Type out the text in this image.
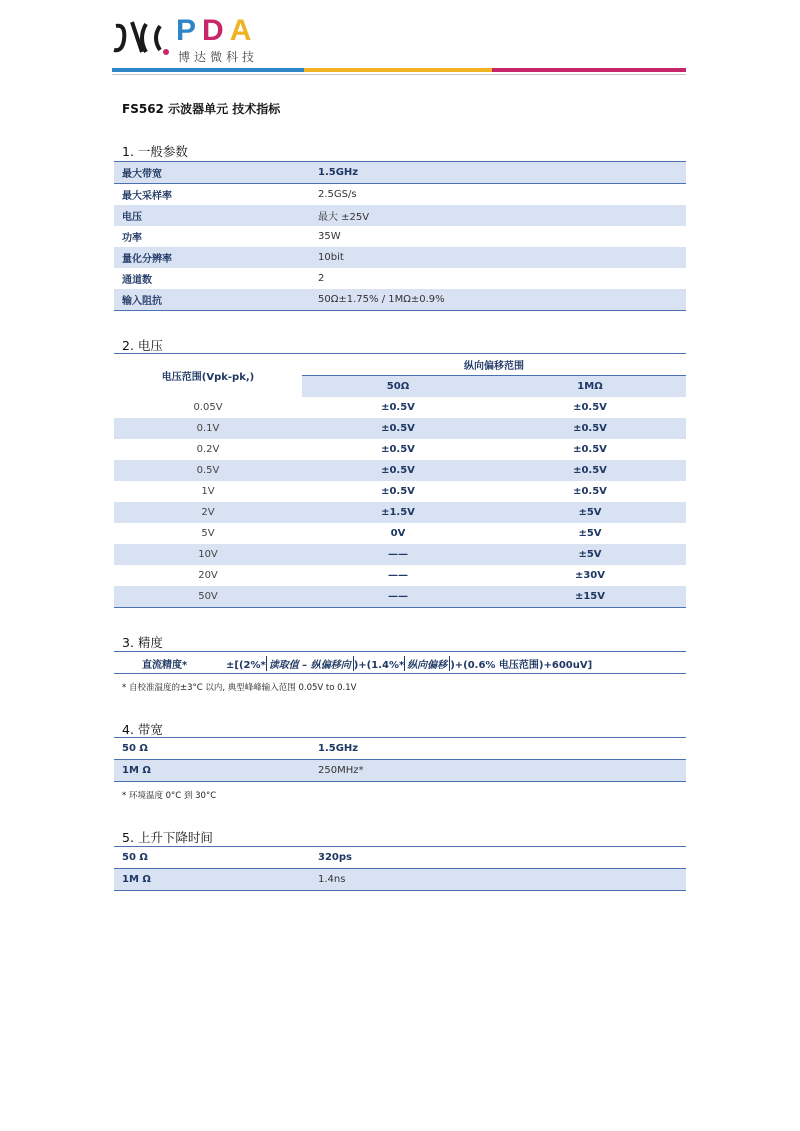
PDA
博达微科技
FS562 示波器单元 技术指标
1. 一般参数
最大带宽	1.5GHz
最大采样率	2.5GS/s
电压	最大 ±25V
功率	35W
量化分辨率	10bit
通道数	2
输入阻抗	50Ω±1.75% / 1MΩ±0.9%
2. 电压
电压范围(Vpk-pk,)	纵向偏移范围	
	50Ω	1MΩ
0.05V	±0.5V	±0.5V
0.1V	±0.5V	±0.5V
0.2V	±0.5V	±0.5V
0.5V	±0.5V	±0.5V
1V	±0.5V	±0.5V
2V	±1.5V	±5V
5V	0V	±5V
10V	——	±5V
20V	——	±30V
50V	——	±15V
3. 精度
直流精度*	±[(2%* 读取值 – 纵偏移向 )+(1.4%* 纵向偏移 )+(0.6% 电压范围)+600uV]
* 自校准温度的±3°C 以内, 典型峰峰输入范围 0.05V to 0.1V
4. 带宽
50 Ω	1.5GHz
1M Ω	250MHz*
* 环境温度 0°C 到 30°C
5. 上升下降时间
50 Ω	320ps
1M Ω	1.4ns
